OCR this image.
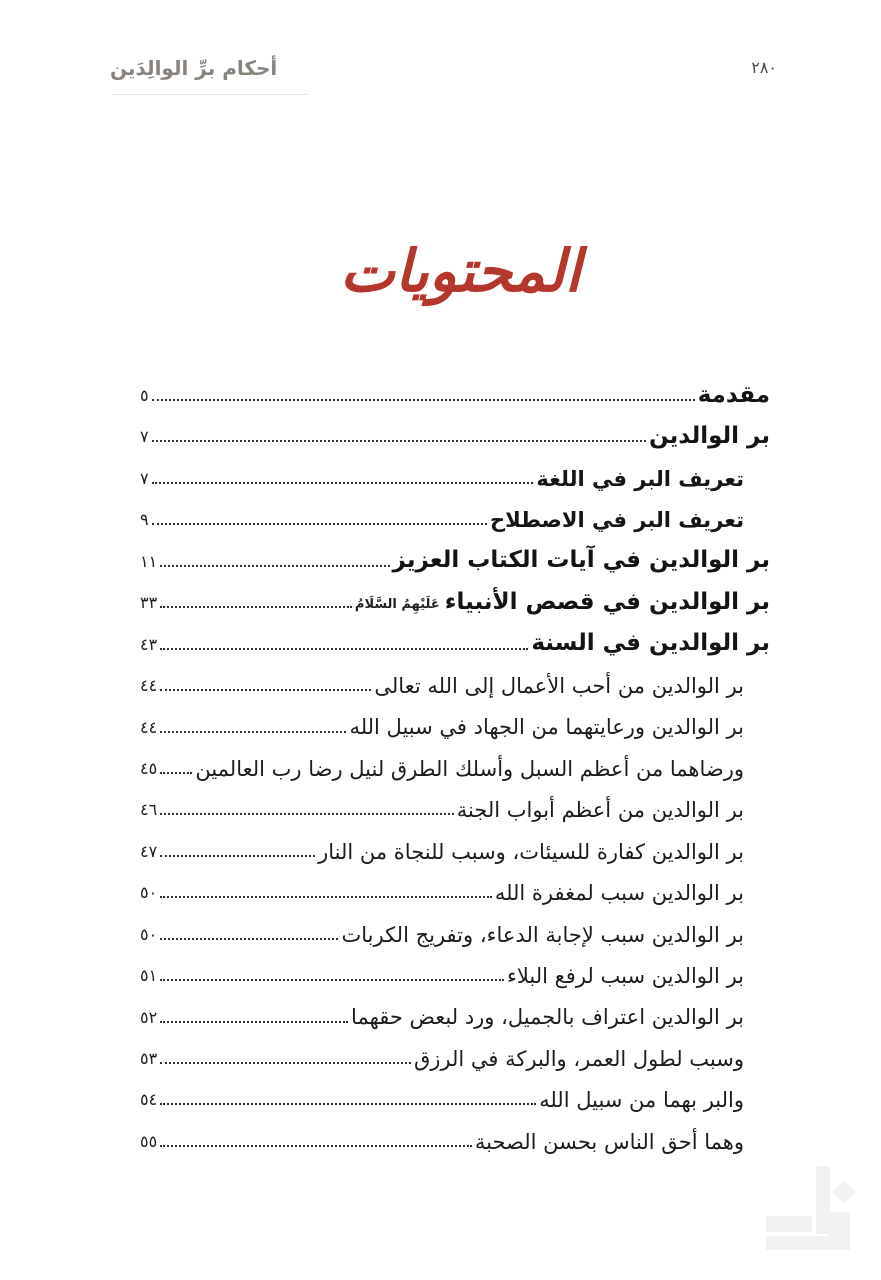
أحكام برِّ الوالِدَين	٢٨٠
المحتويات
مقدمة
٥
بر الوالدين
٧
تعريف البر في اللغة
٧
تعريف البر في الاصطلاح
٩
بر الوالدين في آيات الكتاب العزيز
١١
بر الوالدين في قصص الأنبياء
عَلَيْهِمُ السَّلَامُ
٣٣
بر الوالدين في السنة
٤٣
بر الوالدين من أحب الأعمال إلى الله تعالى
٤٤
بر الوالدين ورعايتهما من الجهاد في سبيل الله
٤٤
ورضاهما من أعظم السبل وأسلك الطرق لنيل رضا رب العالمين
٤٥
بر الوالدين من أعظم أبواب الجنة
٤٦
بر الوالدين كفارة للسيئات، وسبب للنجاة من النار
٤٧
بر الوالدين سبب لمغفرة الله
٥٠
بر الوالدين سبب لإجابة الدعاء، وتفريج الكربات
٥٠
بر الوالدين سبب لرفع البلاء
٥١
بر الوالدين اعتراف بالجميل، ورد لبعض حقهما
٥٢
وسبب لطول العمر، والبركة في الرزق
٥٣
والبر بهما من سبيل الله
٥٤
وهما أحق الناس بحسن الصحبة
٥٥
